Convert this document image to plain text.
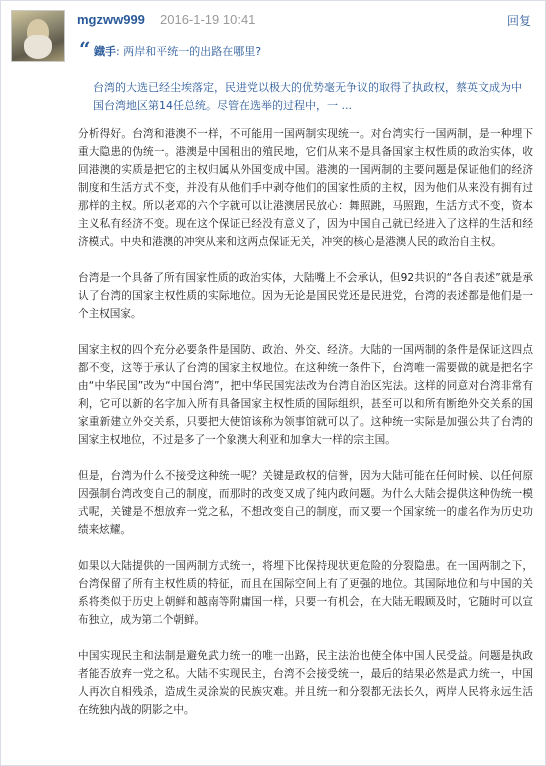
mgzww999 2016-1-19 10:41	回复
“ 鐡手: 两岸和平统一的出路在哪里?
台湾的大选已经尘埃落定，民进党以极大的优势毫无争议的取得了执政权，蔡英文成为中国台湾地区第14任总统。尽管在选举的过程中，一 ...

分析得好。台湾和港澳不一样，不可能用一国两制实现统一。对台湾实行一国两制，是一种埋下重大隐患的伪统一。港澳是中国租出的殖民地，它们从来不是具备国家主权性质的政治实体，收回港澳的实质是把它的主权归属从外国变成中国。港澳的一国两制的主要问题是保证他们的经济制度和生活方式不变，并没有从他们手中剥夺他们的国家性质的主权，因为他们从来没有拥有过那样的主权。所以老邓的六个字就可以让港澳居民放心：舞照跳，马照跑，生活方式不变，资本主义私有经济不变。现在这个保证已经没有意义了，因为中国自己就已经进入了这样的生活和经济模式。中央和港澳的冲突从来和这两点保证无关，冲突的核心是港澳人民的政治自主权。

台湾是一个具备了所有国家性质的政治实体，大陆嘴上不会承认，但92共识的“各自表述”就是承认了台湾的国家主权性质的实际地位。因为无论是国民党还是民进党，台湾的表述都是他们是一个主权国家。

国家主权的四个充分必要条件是国防、政治、外交、经济。大陆的一国两制的条件是保证这四点都不变，这等于承认了台湾的国家主权地位。在这种统一条件下，台湾唯一需要做的就是把名字由“中华民国”改为“中国台湾”，把中华民国宪法改为台湾自治区宪法。这样的同意对台湾非常有利，它可以新的名字加入所有具备国家主权性质的国际组织，甚至可以和所有断绝外交关系的国家重新建立外交关系，只要把大使馆该称为领事馆就可以了。这种统一实际是加强公共了台湾的国家主权地位，不过是多了一个象澳大利亚和加拿大一样的宗主国。

但是，台湾为什么不接受这种统一呢？关键是政权的信誉，因为大陆可能在任何时候、以任何原因强制台湾改变自己的制度，而那时的改变又成了纯内政问题。为什么大陆会提供这种伪统一模式呢，关键是不想放弃一党之私，不想改变自己的制度，而又要一个国家统一的虚名作为历史功绩来炫耀。

如果以大陆提供的一国两制方式统一，将埋下比保持现状更危险的分裂隐患。在一国两制之下，台湾保留了所有主权性质的特征，而且在国际空间上有了更强的地位。其国际地位和与中国的关系将类似于历史上朝鲜和越南等附庸国一样，只要一有机会，在大陆无暇顾及时，它随时可以宣布独立，成为第二个朝鲜。

中国实现民主和法制是避免武力统一的唯一出路，民主法治也使全体中国人民受益。问题是执政者能否放弃一党之私。大陆不实现民主，台湾不会接受统一，最后的结果必然是武力统一，中国人再次自相残杀，造成生灵涂炭的民族灾难。并且统一和分裂都无法长久，两岸人民将永远生活在统独内战的阴影之中。
